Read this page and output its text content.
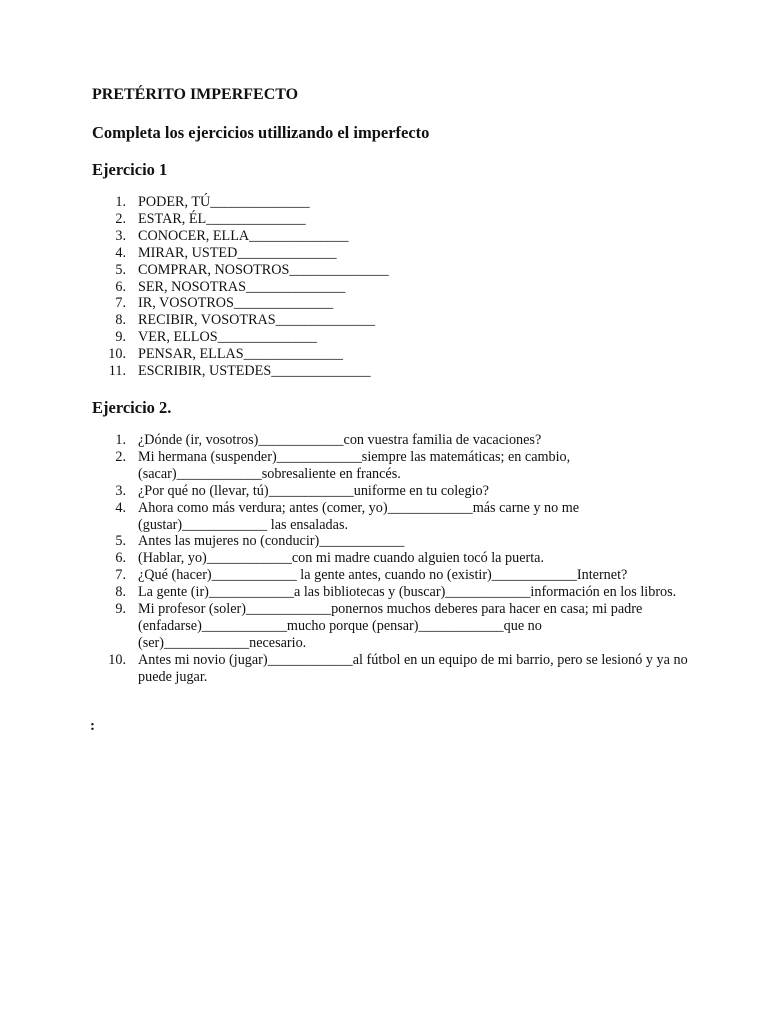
PRETÉRITO IMPERFECTO
Completa los ejercicios utillizando el imperfecto
Ejercicio 1
1. PODER, TÚ______________
2. ESTAR, ÉL______________
3. CONOCER, ELLA______________
4. MIRAR, USTED______________
5. COMPRAR, NOSOTROS______________
6. SER, NOSOTRAS______________
7. IR, VOSOTROS______________
8. RECIBIR, VOSOTRAS______________
9. VER, ELLOS______________
10. PENSAR, ELLAS______________
11. ESCRIBIR, USTEDES______________
Ejercicio 2.
1. ¿Dónde (ir, vosotros)____________con vuestra familia de vacaciones?
2. Mi hermana (suspender)____________siempre las matemáticas; en cambio, (sacar)____________sobresaliente en francés.
3. ¿Por qué no (llevar, tú)____________uniforme en tu colegio?
4. Ahora como más verdura; antes (comer, yo)____________más carne y no me (gustar)____________ las ensaladas.
5. Antes las mujeres no (conducir)____________
6. (Hablar, yo)____________con mi madre cuando alguien tocó la puerta.
7. ¿Qué (hacer)____________ la gente antes, cuando no (existir)____________Internet?
8. La gente (ir)____________a las bibliotecas y (buscar)____________información en los libros.
9. Mi profesor (soler)____________ponernos muchos deberes para hacer en casa; mi padre (enfadarse)____________mucho porque (pensar)____________que no (ser)____________necesario.
10. Antes mi novio (jugar)____________al fútbol en un equipo de mi barrio, pero se lesionó y ya no puede jugar.
:
